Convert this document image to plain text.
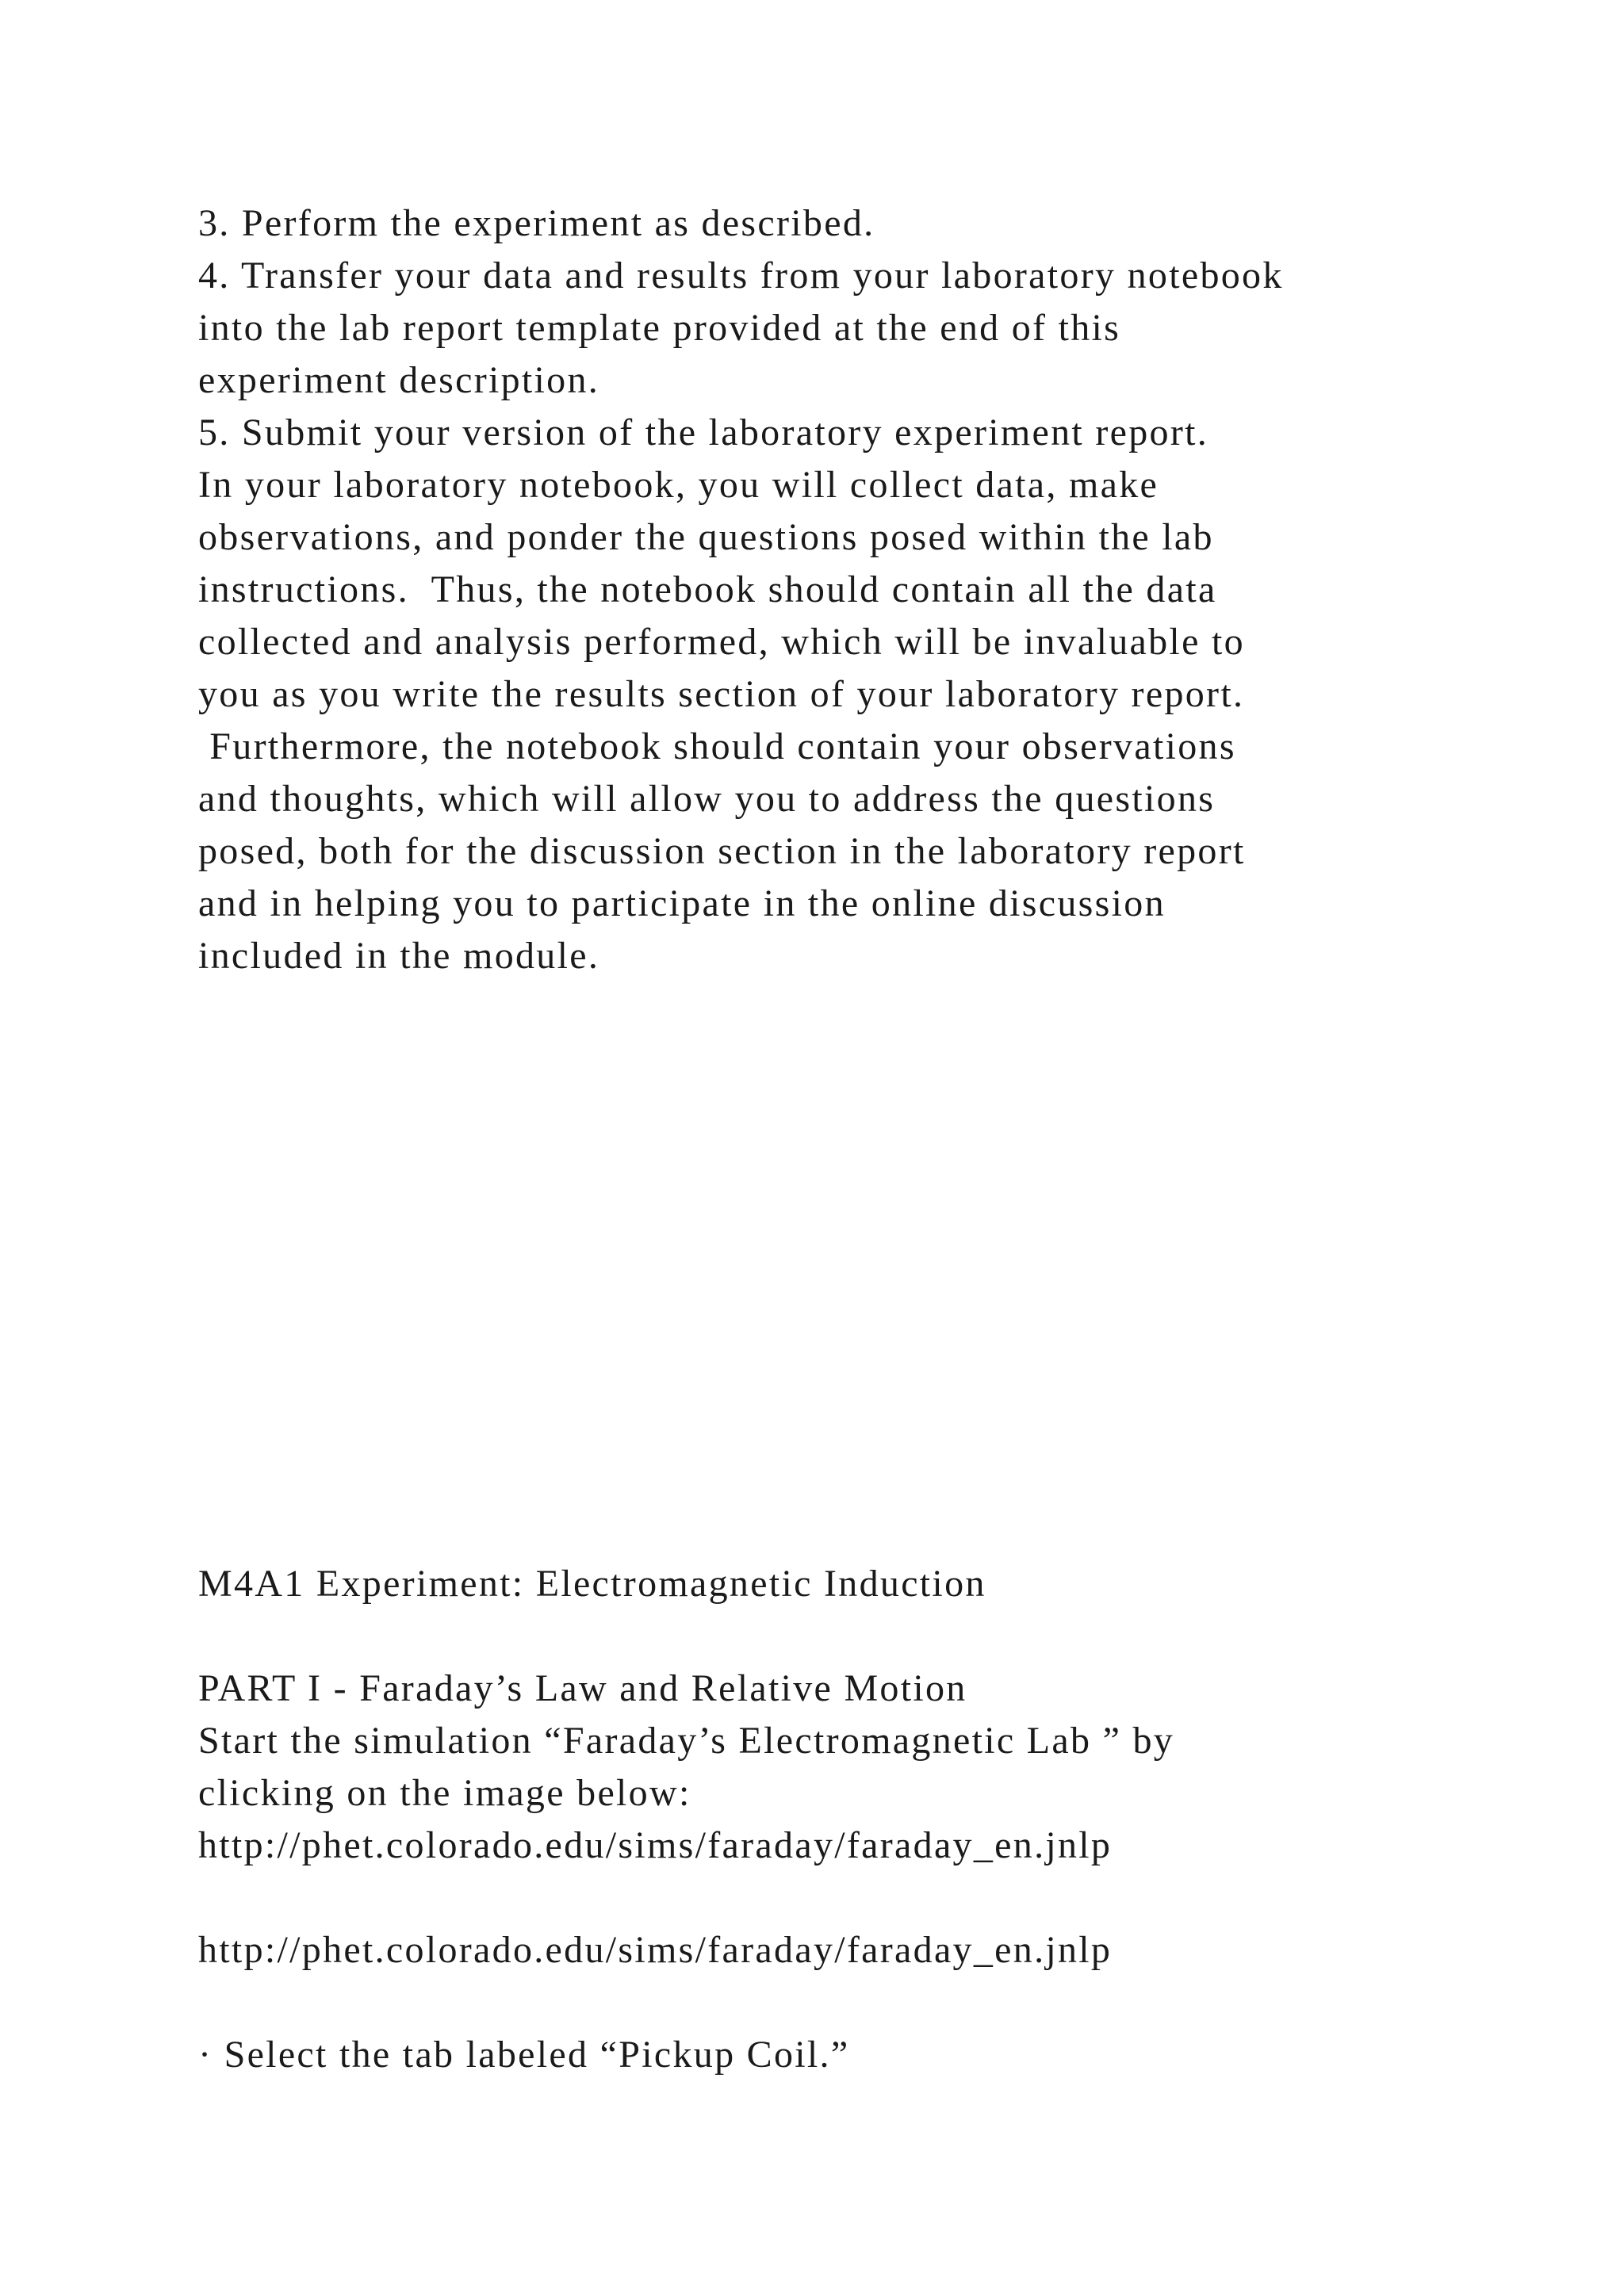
3. Perform the experiment as described.

4. Transfer your data and results from your laboratory notebook

into the lab report template provided at the end of this

experiment description.

5. Submit your version of the laboratory experiment report.

In your laboratory notebook, you will collect data, make

observations, and ponder the questions posed within the lab

instructions.  Thus, the notebook should contain all the data

collected and analysis performed, which will be invaluable to

you as you write the results section of your laboratory report.

Furthermore, the notebook should contain your observations

and thoughts, which will allow you to address the questions

posed, both for the discussion section in the laboratory report

and in helping you to participate in the online discussion

included in the module.

M4A1 Experiment: Electromagnetic Induction

PART I - Faraday’s Law and Relative Motion

Start the simulation “Faraday’s Electromagnetic Lab ” by

clicking on the image below:

http://phet.colorado.edu/sims/faraday/faraday_en.jnlp

http://phet.colorado.edu/sims/faraday/faraday_en.jnlp

· Select the tab labeled “Pickup Coil.”
